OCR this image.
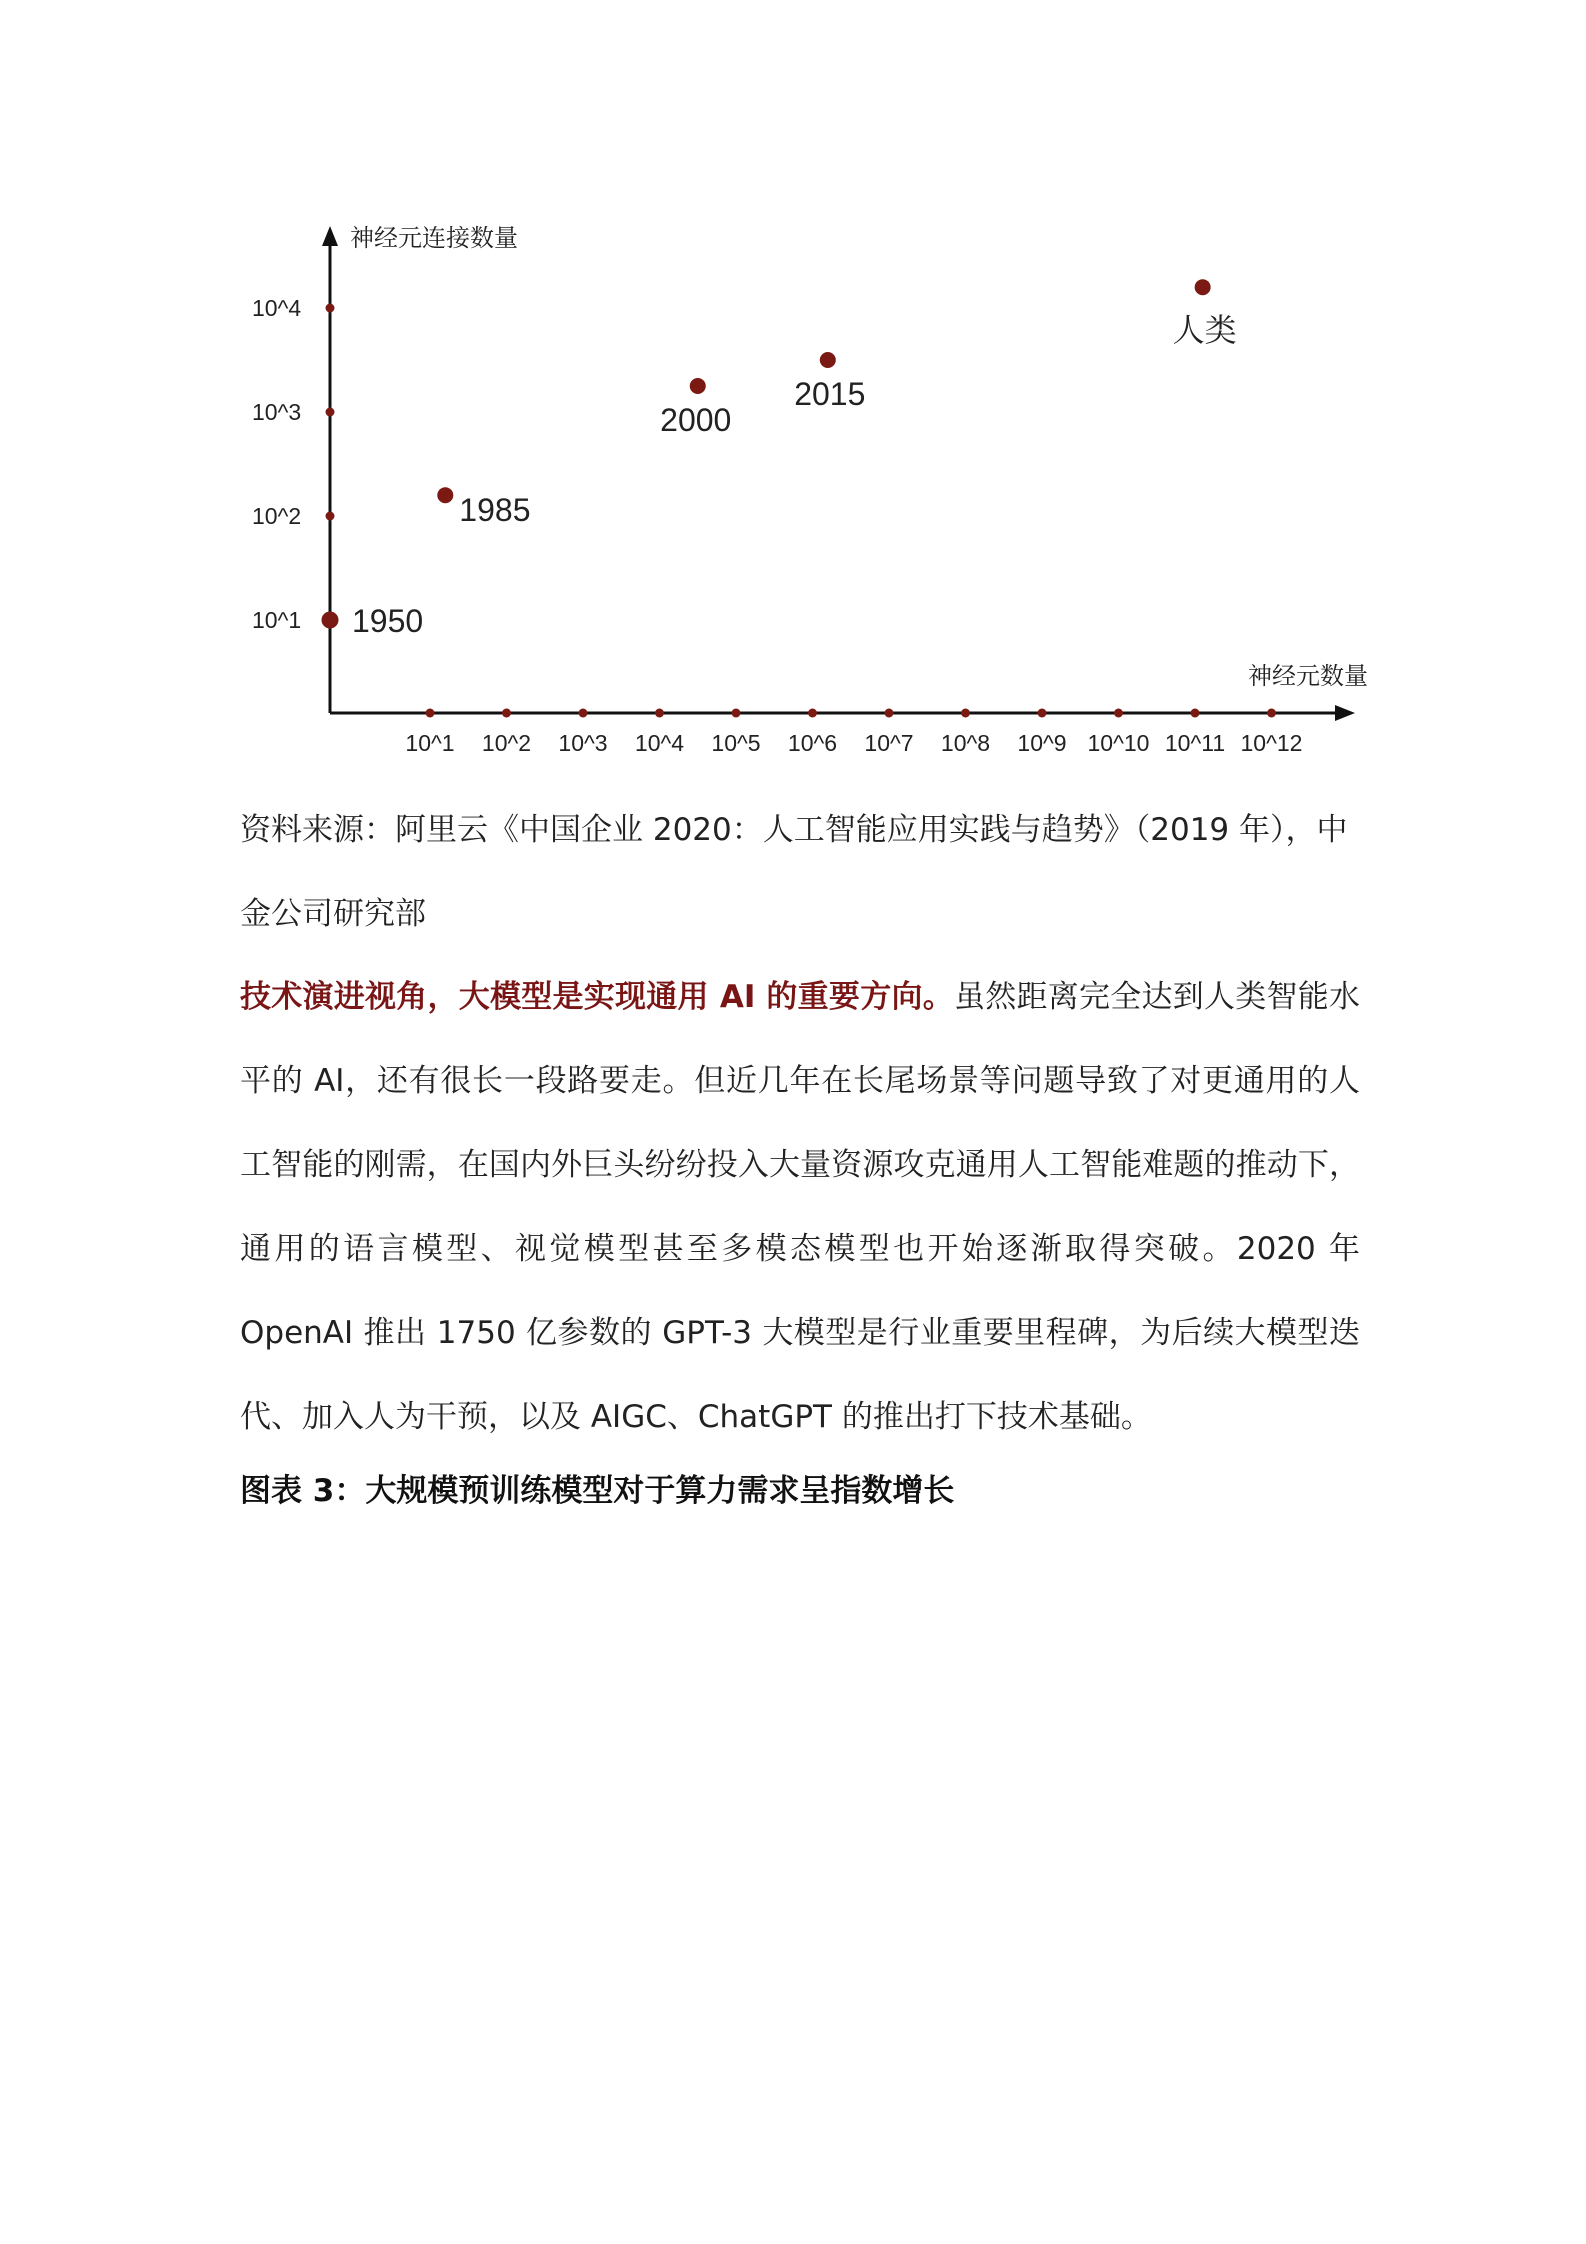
10^1
10^2
10^3
10^4
10^1 10^2 10^3 10^4 10^5 10^6 10^7 10^8 10^9 10^10 10^11 10^12
1950
1985
2000
2015
人类
神经元连接数量
神经元数量
资料来源：阿里云《中国企业 2020：人工智能应用实践与趋势》（2019 年），中金公司研究部
技术演进视角，大模型是实现通用 AI 的重要方向。虽然距离完全达到人类智能水平的 AI，还有很长一段路要走。但近几年在长尾场景等问题导致了对更通用的人工智能的刚需，在国内外巨头纷纷投入大量资源攻克通用人工智能难题的推动下，通用的语言模型、视觉模型甚至多模态模型也开始逐渐取得突破。2020 年 OpenAI 推出 1750 亿参数的 GPT-3 大模型是行业重要里程碑，为后续大模型迭代、加入人为干预，以及 AIGC、ChatGPT 的推出打下技术基础。
图表 3：大规模预训练模型对于算力需求呈指数增长
